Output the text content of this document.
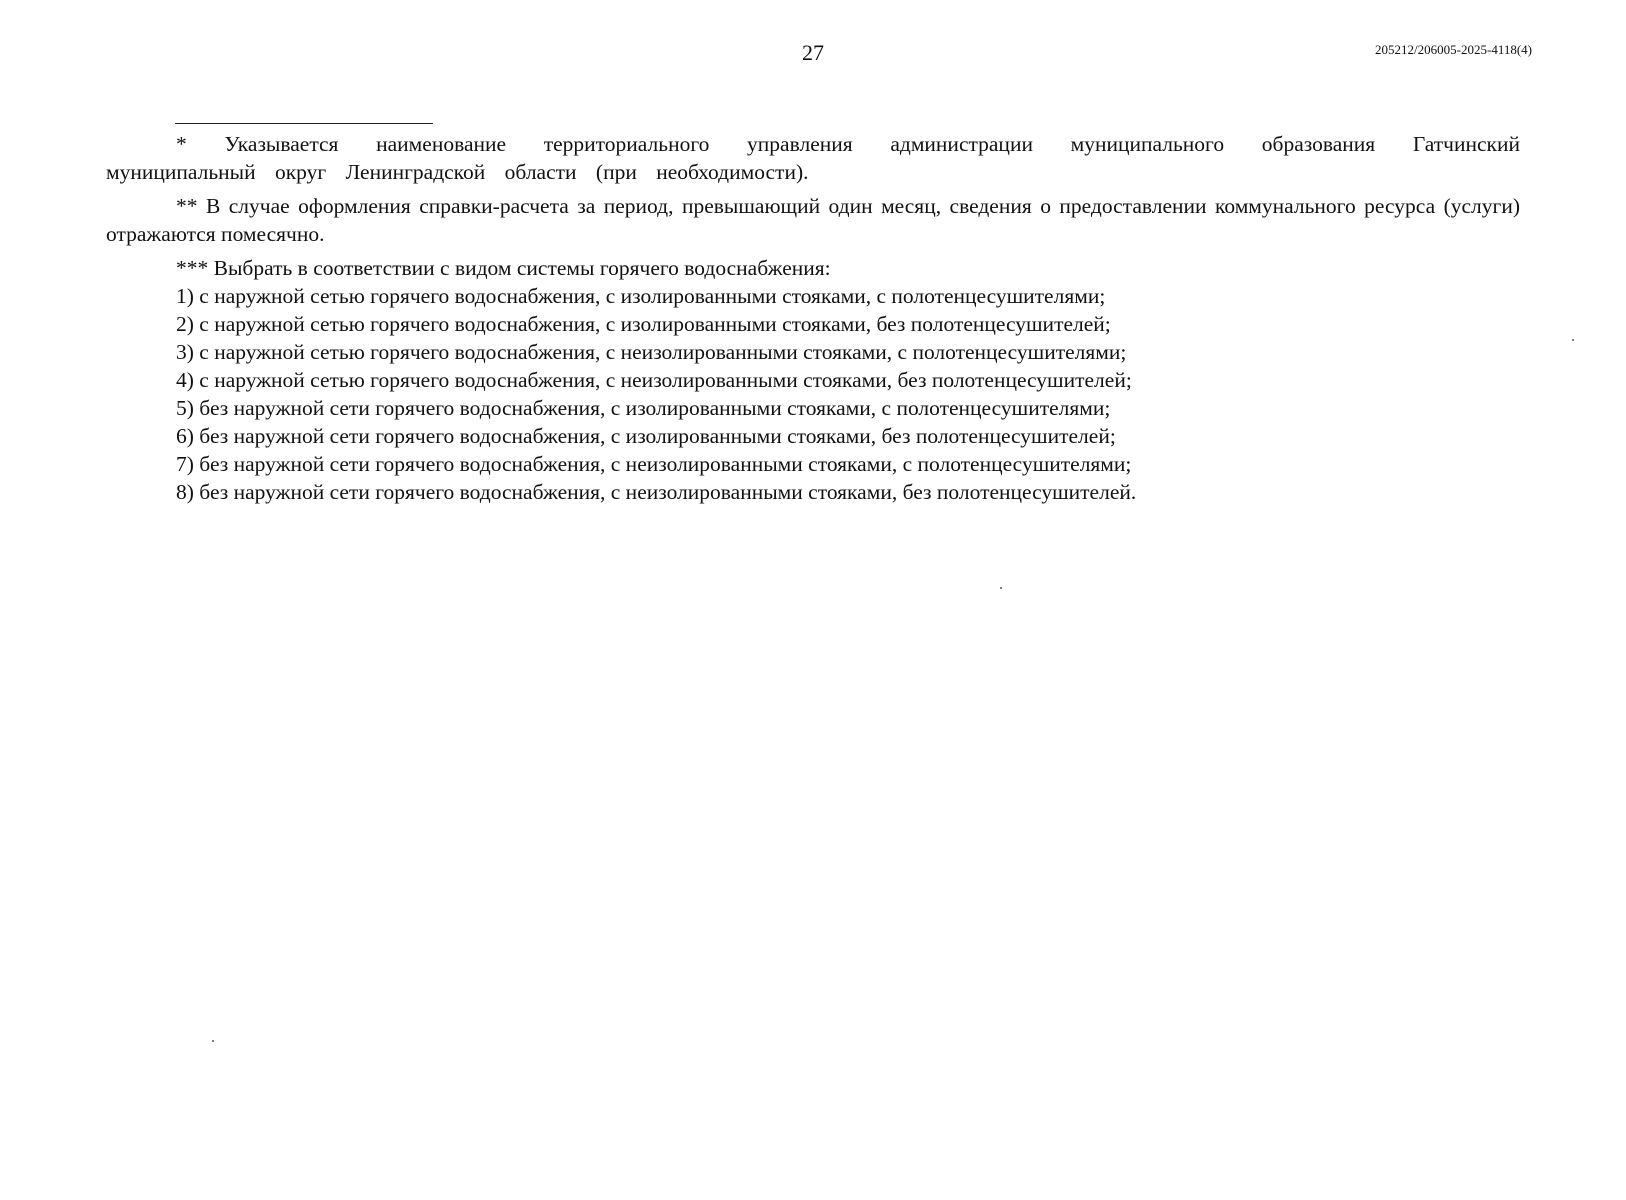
27	205212/206005-2025-4118(4)

* Указывается наименование территориального управления администрации муниципального образования Гатчинский муниципальный округ Ленинградской области (при необходимости).

** В случае оформления справки-расчета за период, превышающий один месяц, сведения о предоставлении коммунального ресурса (услуги) отражаются помесячно.

*** Выбрать в соответствии с видом системы горячего водоснабжения:

1) с наружной сетью горячего водоснабжения, с изолированными стояками, с полотенцесушителями;
2) с наружной сетью горячего водоснабжения, с изолированными стояками, без полотенцесушителей;
3) с наружной сетью горячего водоснабжения, с неизолированными стояками, с полотенцесушителями;
4) с наружной сетью горячего водоснабжения, с неизолированными стояками, без полотенцесушителей;
5) без наружной сети горячего водоснабжения, с изолированными стояками, с полотенцесушителями;
6) без наружной сети горячего водоснабжения, с изолированными стояками, без полотенцесушителей;
7) без наружной сети горячего водоснабжения, с неизолированными стояками, с полотенцесушителями;
8) без наружной сети горячего водоснабжения, с неизолированными стояками, без полотенцесушителей.
